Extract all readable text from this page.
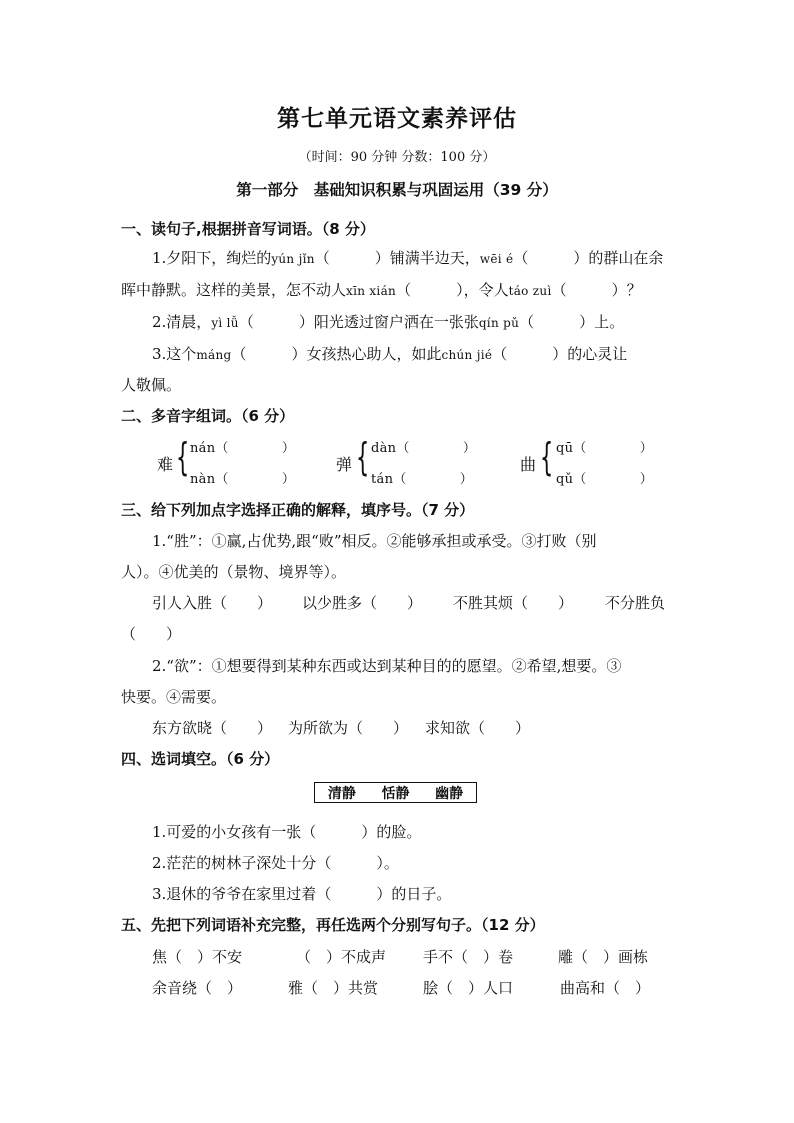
第七单元语文素养评估
（时间：90 分钟 分数：100 分）
第一部分　基础知识积累与巩固运用（39 分）
一、读句子,根据拼音写词语。（8 分）
1.夕阳下，绚烂的yún jǐn（　　　）铺满半边天，wēi é（　　　）的群山在余
晖中静默。这样的美景，怎不动人xīn xián（　　　），令人táo zuì（　　　）？
2.清晨，yì lǚ（　　　）阳光透过窗户洒在一张张qín pǔ（　　　）上。
3.这个máng（　　　）女孩热心助人，如此chún jié（　　　）的心灵让
人敬佩。
二、多音字组词。（6 分）
难 { nán（　　　　）
nàn（　　　　）
弹 { dàn（　　　　）
tán（　　　　）
曲 { qū（　　　　）
qǔ（　　　　）
三、给下列加点字选择正确的解释，填序号。（7 分）
1.“胜”：①赢,占优势,跟“败”相反。②能够承担或承受。③打败（别
人）。④优美的（景物、境界等）。
引人入胜（　　） 以少胜多（　　） 不胜其烦（　　） 不分胜负
（　　）
2.“欲”：①想要得到某种东西或达到某种目的的愿望。②希望,想要。③
快要。④需要。
东方欲晓（　　） 为所欲为（　　） 求知欲（　　）
四、选词填空。（6 分）
清静 恬静 幽静
1.可爱的小女孩有一张（　　　）的脸。
2.茫茫的树林子深处十分（　　　）。
3.退休的爷爷在家里过着（　　　）的日子。
五、先把下列词语补充完整，再任选两个分别写句子。（12 分）
焦（　）不安	（　）不成声 手不（　）卷	雕（　）画栋
余音绕（　）	雅（　）共赏	脍（　）人口	曲高和（　）
